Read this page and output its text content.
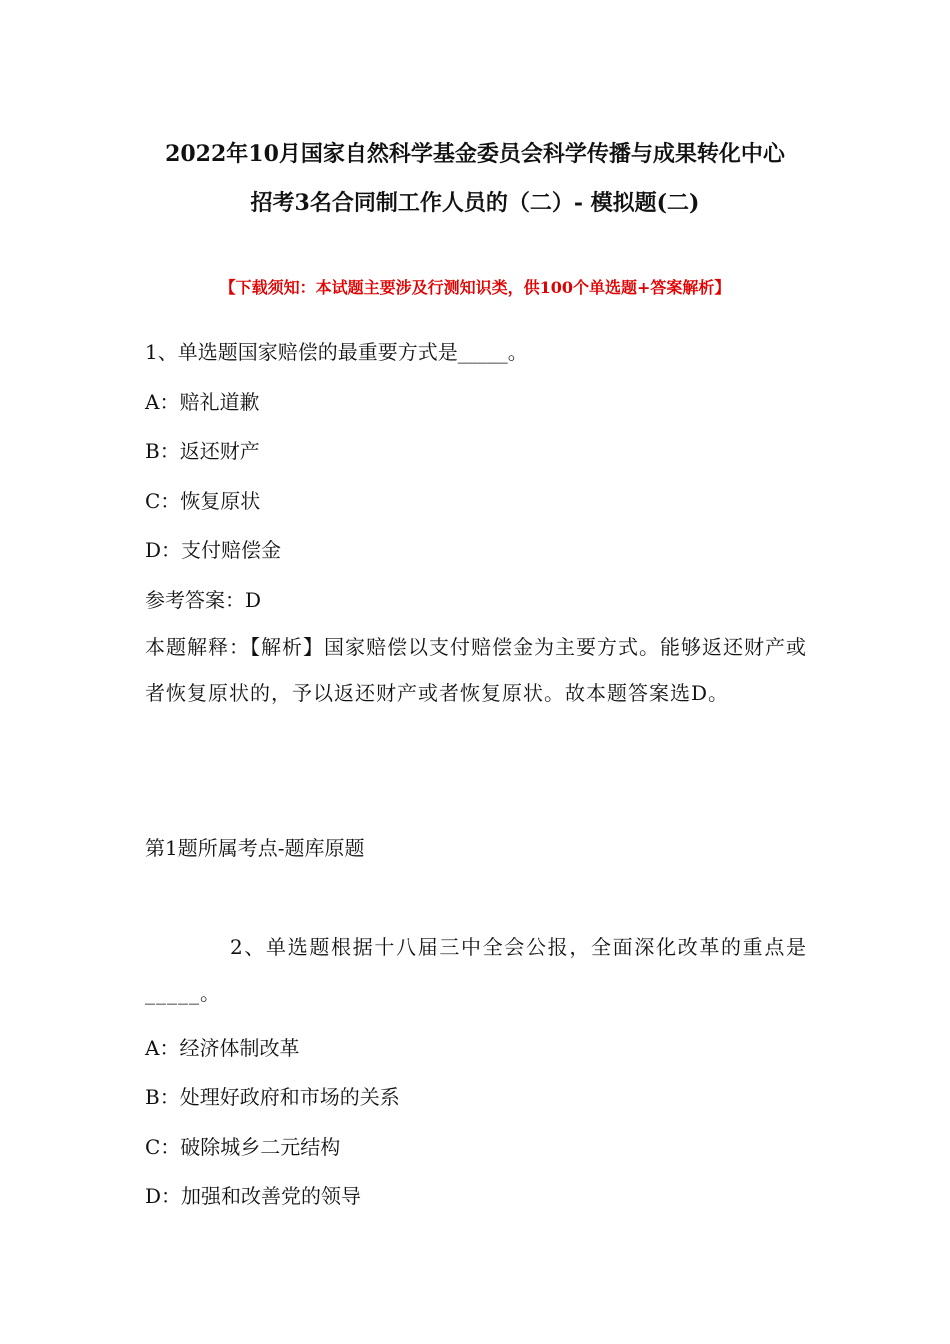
2022年10月国家自然科学基金委员会科学传播与成果转化中心
招考3名合同制工作人员的（二）- 模拟题(二)
【下载须知：本试题主要涉及行测知识类，供100个单选题+答案解析】
1、单选题国家赔偿的最重要方式是_____。
A：赔礼道歉
B：返还财产
C：恢复原状
D：支付赔偿金
参考答案：D
本题解释：【解析】国家赔偿以支付赔偿金为主要方式。能够返还财产或者恢复原状的，予以返还财产或者恢复原状。故本题答案选D。
第1题所属考点-题库原题
2、单选题根据十八届三中全会公报，全面深化改革的重点是_____。
A：经济体制改革
B：处理好政府和市场的关系
C：破除城乡二元结构
D：加强和改善党的领导
